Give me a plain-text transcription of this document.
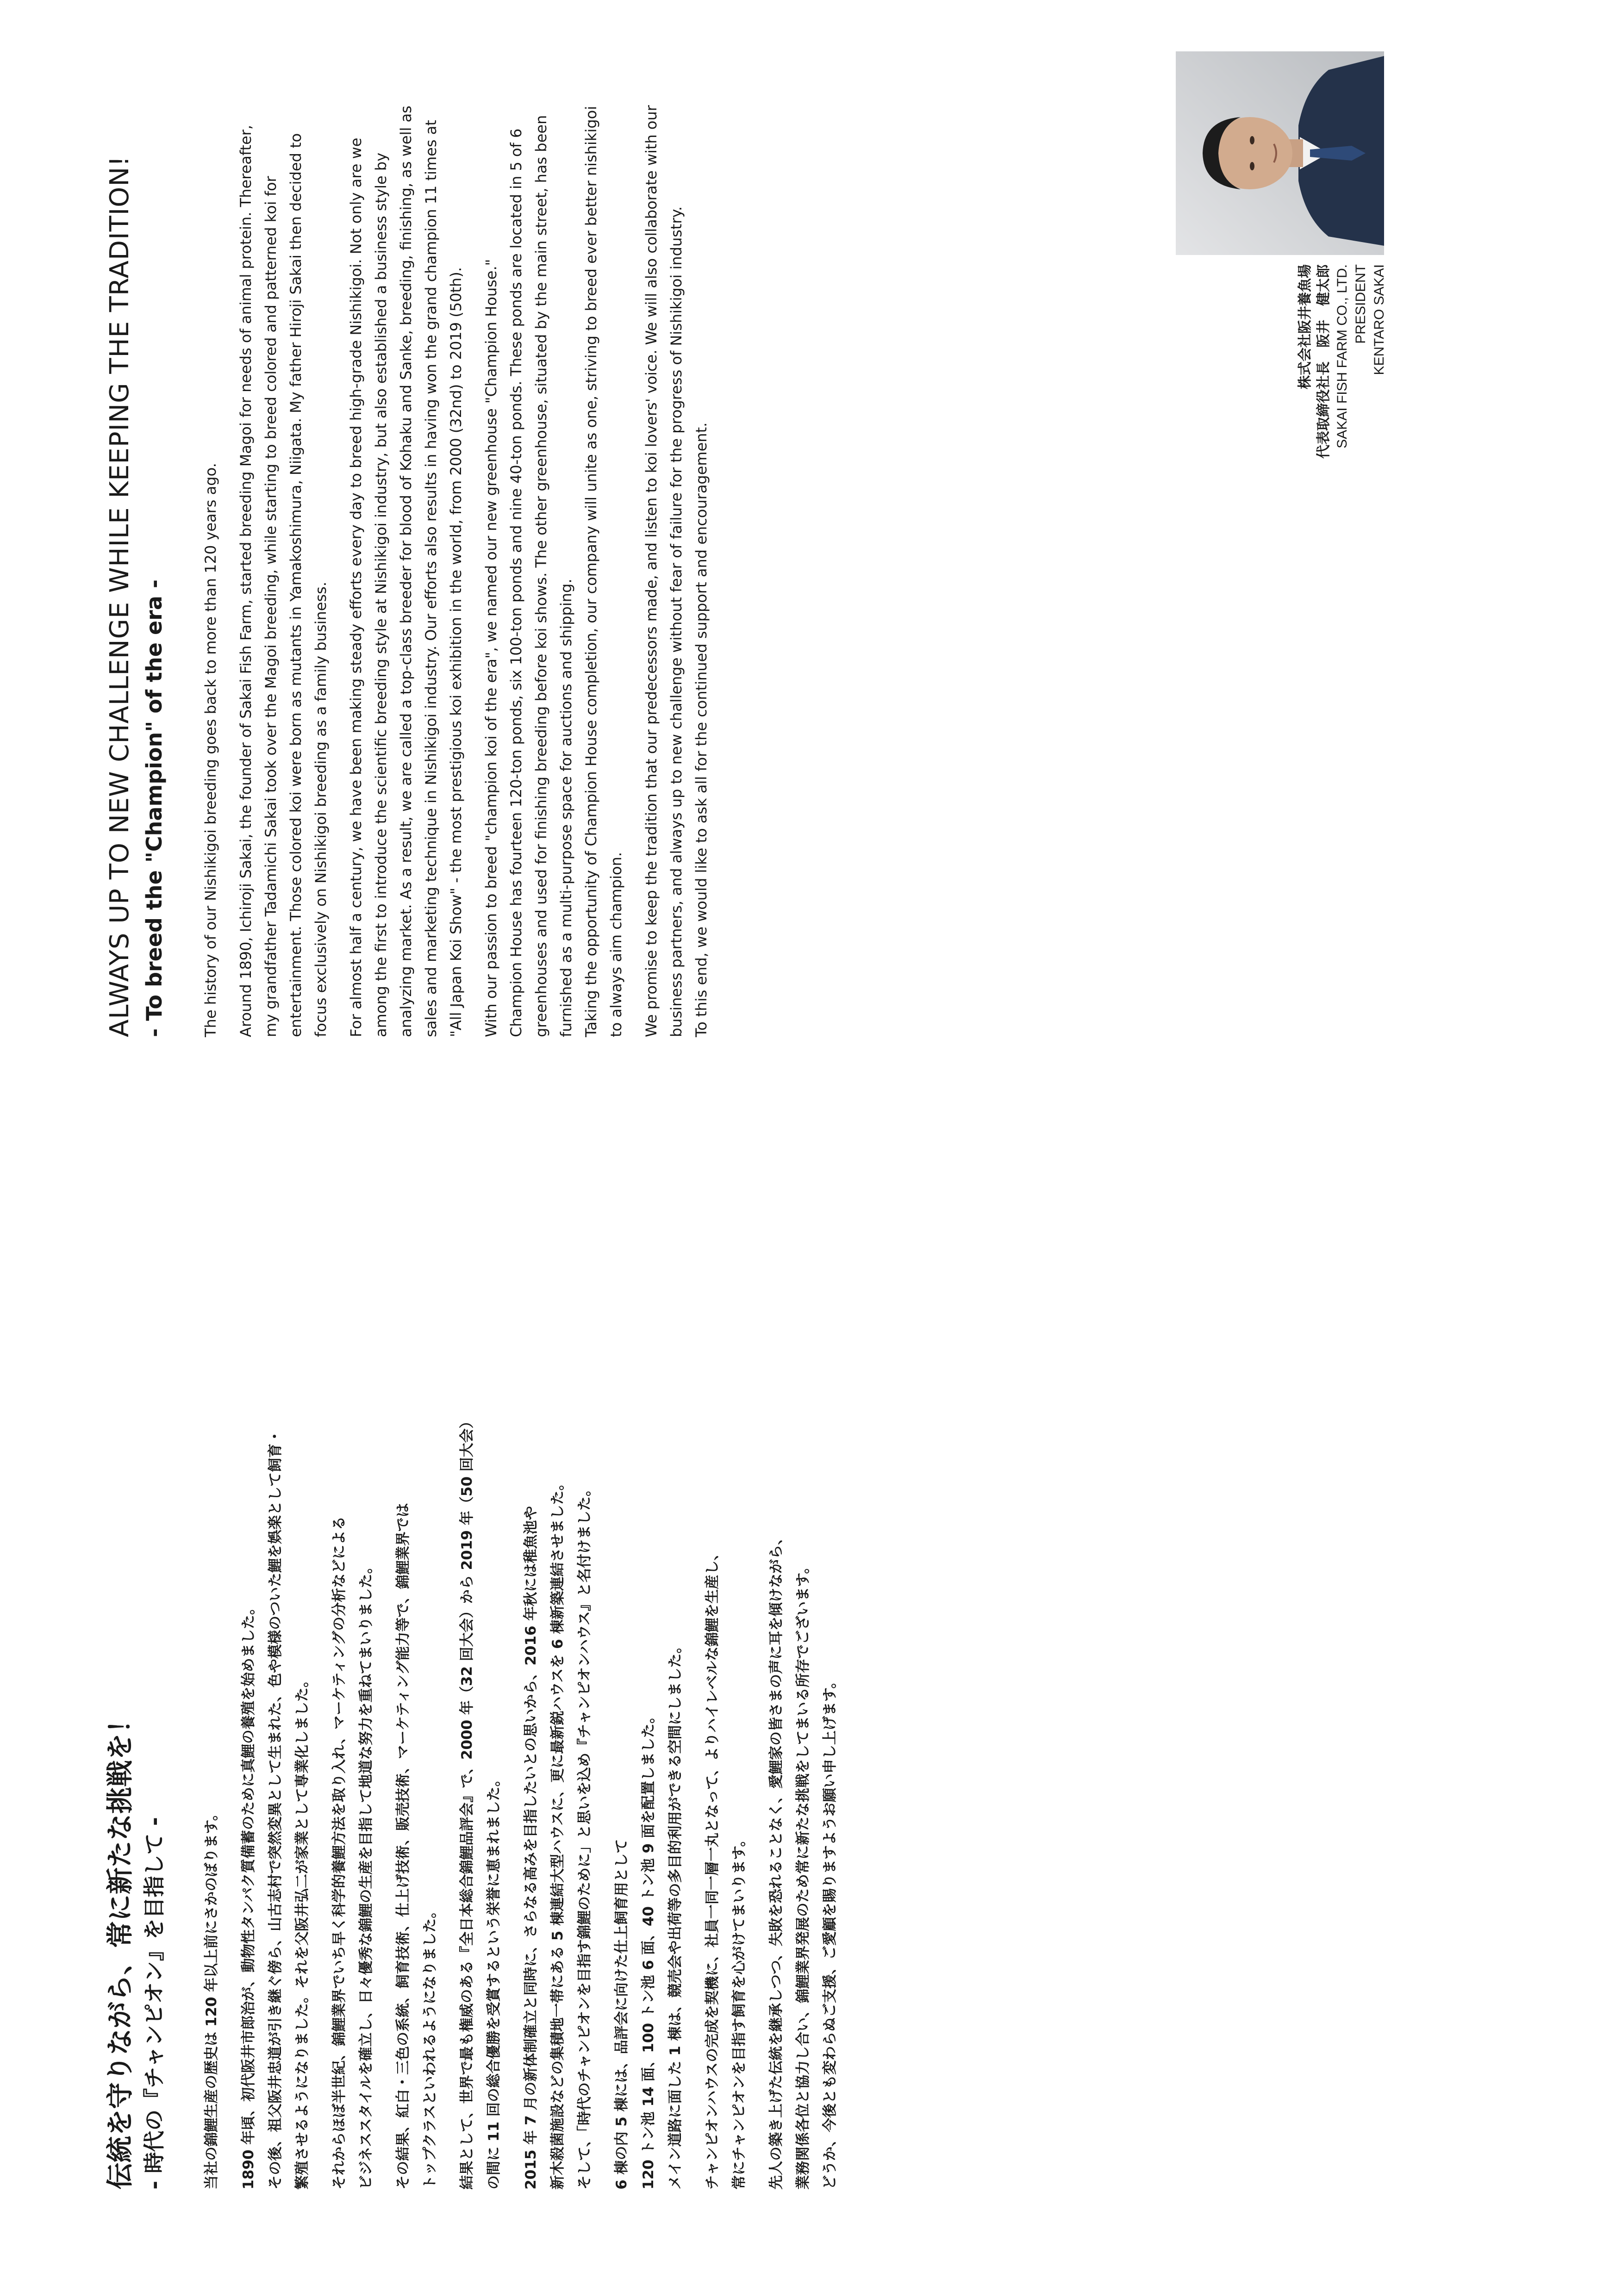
伝統を守りながら、常に新たな挑戦を！ - 時代の『チャンピオン』を目指して -	当社の錦鯉生産の歴史は 120 年以上前にさかのぼります。	1890 年頃、初代阪井市郎治が、動物性タンパク質備蓄のために真鯉の養殖を始めました。
その後、祖父阪井忠道が引き継ぐ傍ら、山古志村で突然変異として生まれた、色や模様のついた鯉を娯楽として飼育・
繁殖させるようになりました。それを父阪井弘二が家業として専業化しました。	それからほぼ半世紀、錦鯉業界でいち早く科学的養鯉方法を取り入れ、マーケティングの分析などによる
ビジネススタイルを確立し、日々優秀な錦鯉の生産を目指して地道な努力を重ねてまいりました。	その結果、紅白・三色の系統、飼育技術、仕上げ技術、販売技術、マーケティング能力等で、錦鯉業界では
トップクラスといわれるようになりました。	結果として、世界で最も権威のある『全日本総合錦鯉品評会』で、2000 年（32 回大会）から 2019 年（50 回大会）
の間に 11 回の総合優勝を受賞するという栄誉に恵まれました。

2015 年 7 月の新体制確立と同時に、さらなる高みを目指したいとの思いから、2016 年秋には稚魚池や
新木殺菌施設などの集積地一帯にある 5 棟連結大型ハウスに、更に最新鋭ハウスを 6 棟新築連結させました。
そして、「時代のチャンピオンを目指す錦鯉のために」と思いを込め『チャンピオンハウス』と名付けました。	6 棟の内 5 棟には、品評会に向けた仕上飼育用として
120 トン池 14 面、100 トン池 6 面、40 トン池 9 面を配置しました。
メイン道路に面した 1 棟は、競売会や出荷等の多目的利用ができる空間にしました。	チャンピオンハウスの完成を契機に、社員一同一層一丸となって、よりハイレベルな錦鯉を生産し、
常にチャンピオンを目指す飼育を心がけてまいります。	先人の築き上げた伝統を継承しつつ、失敗を恐れることなく、愛鯉家の皆さまの声に耳を傾けながら、
業務関係各位と協力し合い、錦鯉業界発展のため常に新たな挑戦をしてまいる所存でございます。
どうか、今後とも変わらぬご支援、ご愛顧を賜りますようお願い申し上げます。

ALWAYS UP TO NEW CHALLENGE WHILE KEEPING THE TRADITION! - To breed the "Champion" of the era - The history of our Nishikigoi breeding goes back to more than 120 years ago. Around 1890, Ichiroji Sakai, the founder of Sakai Fish Farm, started breeding Magoi for needs of animal protein. Thereafter, my grandfather Tadamichi Sakai took over the Magoi breeding, while starting to breed colored and patterned koi for entertainment. Those colored koi were born as mutants in Yamakoshimura, Niigata. My father Hiroji Sakai then decided to focus exclusively on Nishikigoi breeding as a family business. For almost half a century, we have been making steady efforts every day to breed high-grade Nishikigoi. Not only are we among the first to introduce the scientific breeding style at Nishikigoi industry, but also established a business style by analyzing market. As a result, we are called a top-class breeder for blood of Kohaku and Sanke, breeding, finishing, as well as sales and marketing technique in Nishikigoi industry. Our efforts also results in having won the grand champion 11 times at "All Japan Koi Show" - the most prestigious koi exhibition in the world, from 2000 (32nd) to 2019 (50th). With our passion to breed "champion koi of the era", we named our new greenhouse "Champion House."
Champion House has fourteen 120-ton ponds, six 100-ton ponds and nine 40-ton ponds. These ponds are located in 5 of 6 greenhouses and used for finishing breeding before koi shows. The other greenhouse, situated by the main street, has been furnished as a multi-purpose space for auctions and shipping.
Taking the opportunity of Champion House completion, our company will unite as one, striving to breed ever better nishikigoi to always aim champion.

We promise to keep the tradition that our predecessors made, and listen to koi lovers' voice. We will also collaborate with our business partners, and always up to new challenge without fear of failure for the progress of Nishikigoi industry.
To this end, we would like to ask all for the continued support and encouragement.

株式会社阪井養魚場 代表取締役社長　阪井　健太郎 SAKAI FISH FARM CO., LTD. PRESIDENT KENTARO SAKAI
